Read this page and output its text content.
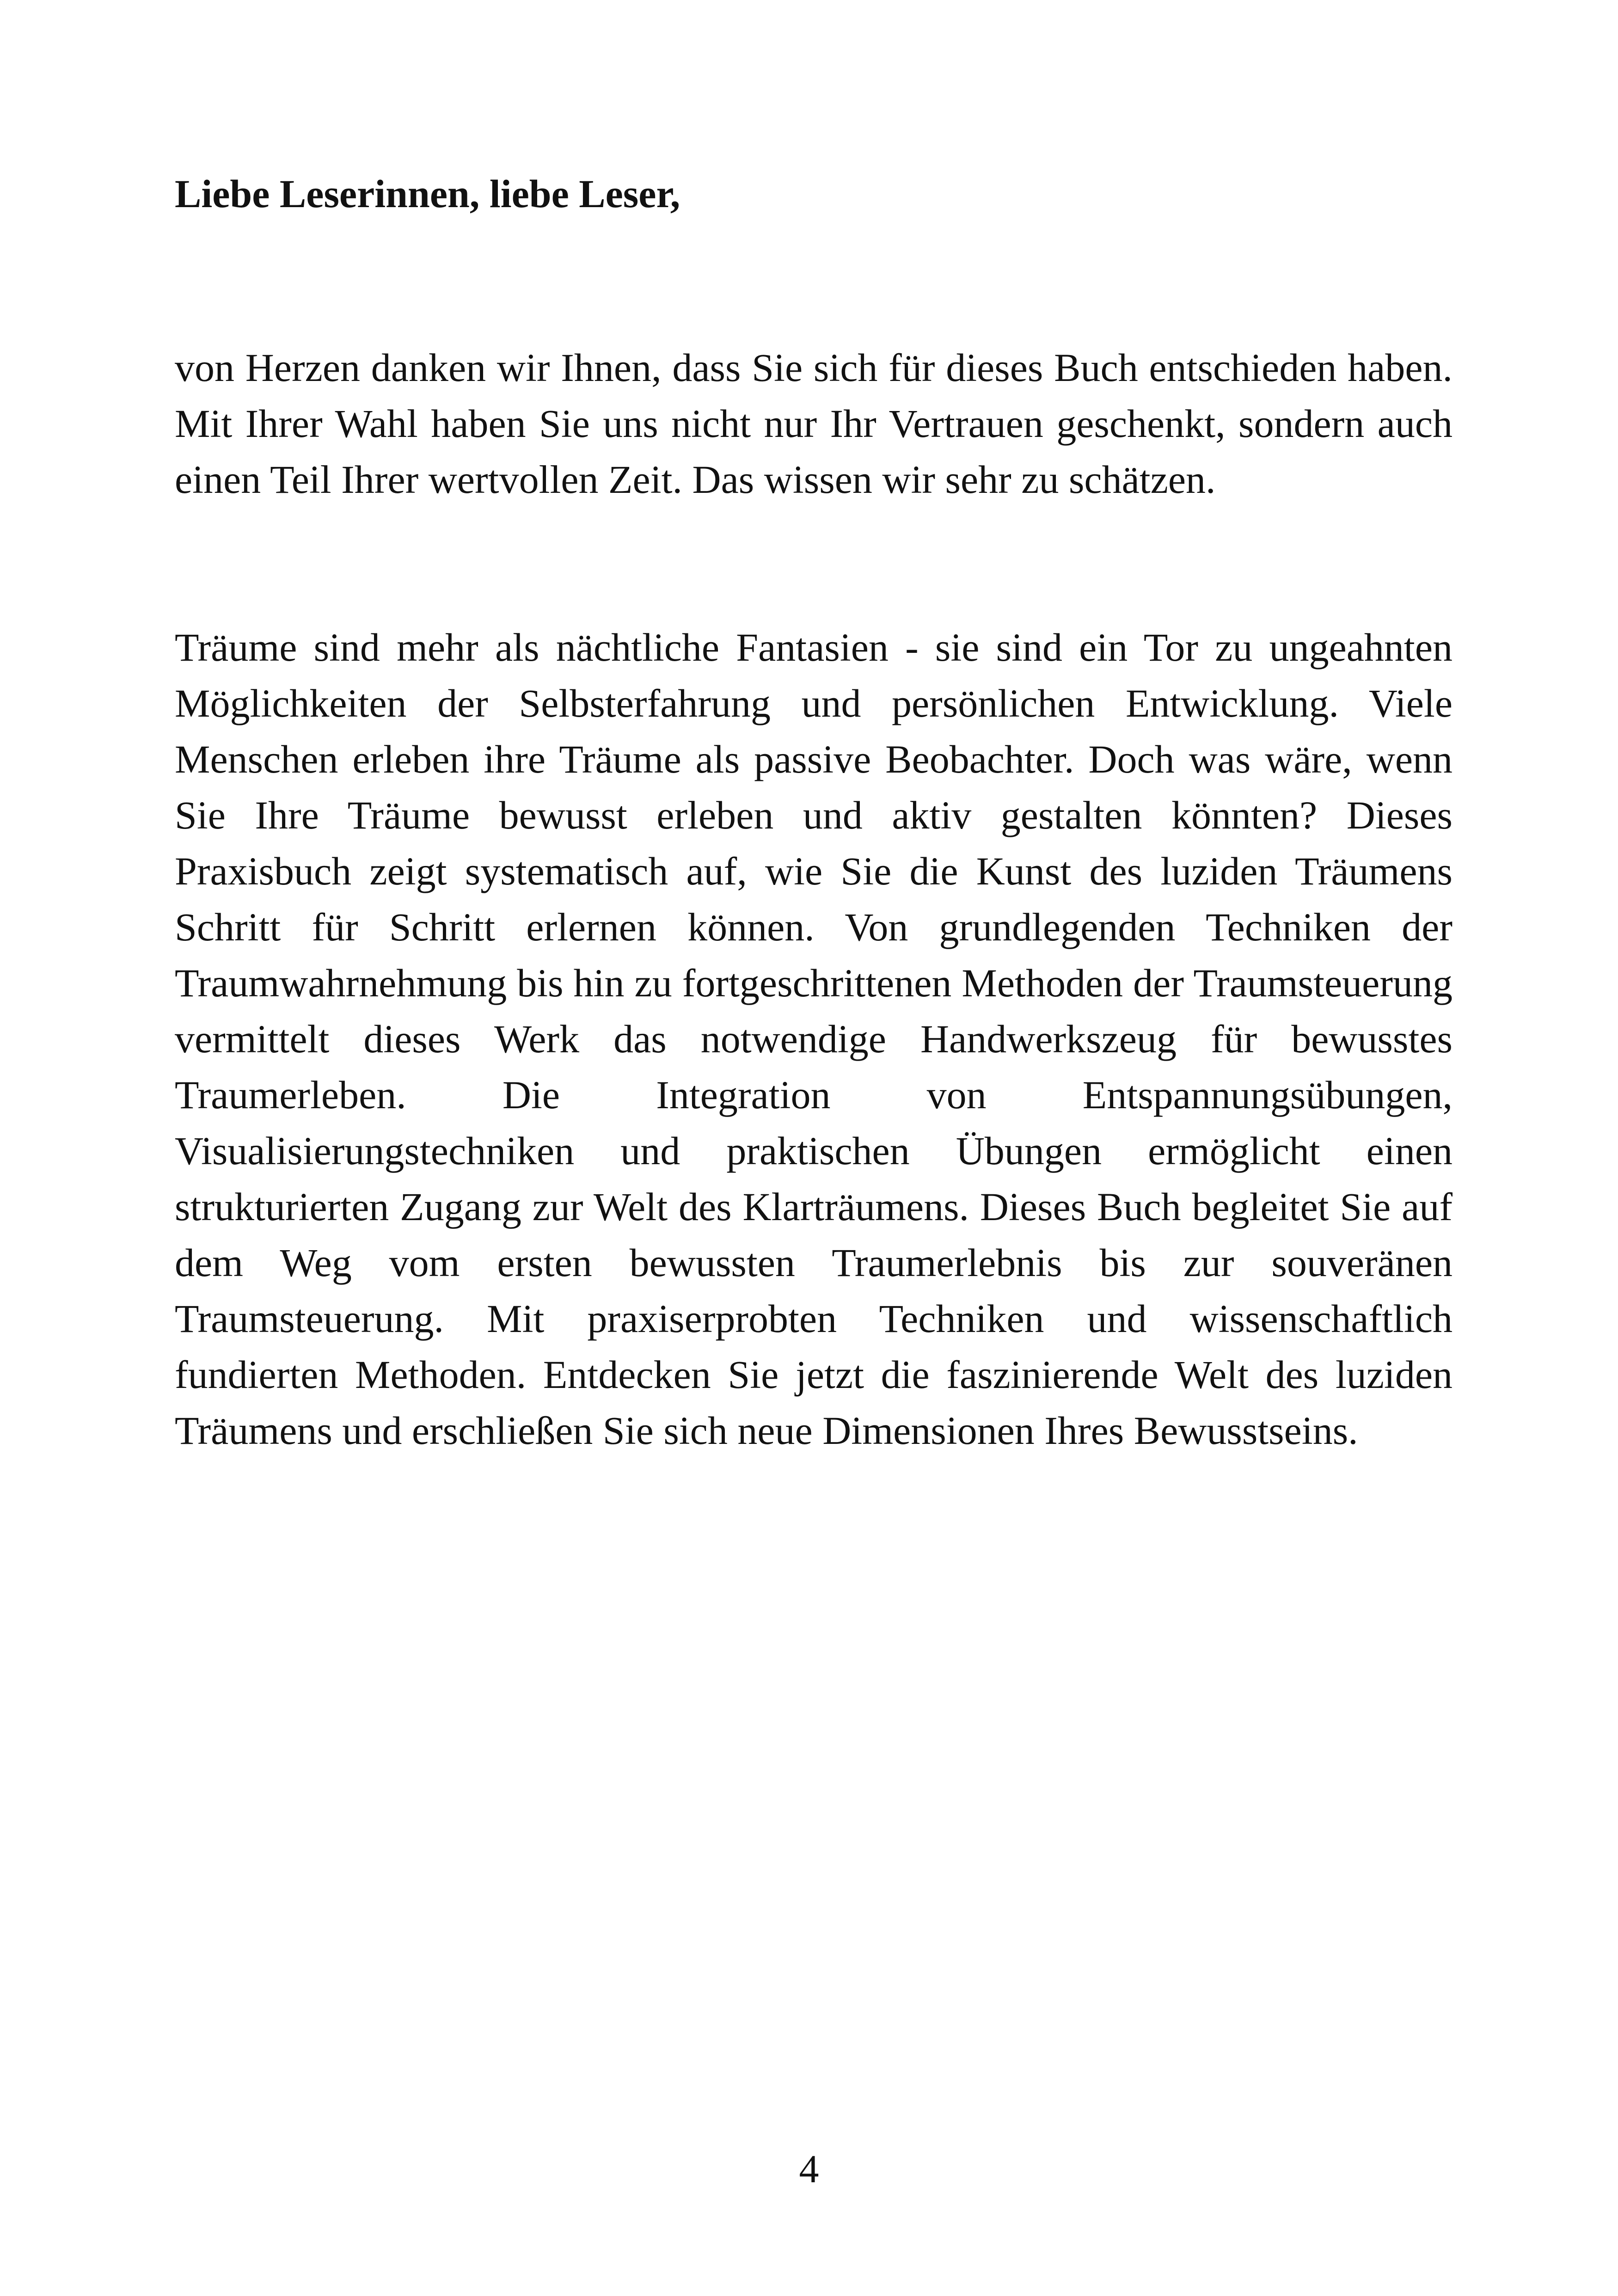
Liebe Leserinnen, liebe Leser,

von Herzen danken wir Ihnen, dass Sie sich für dieses Buch entschieden haben. Mit Ihrer Wahl haben Sie uns nicht nur Ihr Vertrauen geschenkt, sondern auch einen Teil Ihrer wertvollen Zeit. Das wissen wir sehr zu schätzen.

Träume sind mehr als nächtliche Fantasien - sie sind ein Tor zu ungeahnten Möglichkeiten der Selbsterfahrung und persönlichen Entwicklung. Viele Menschen erleben ihre Träume als passive Beobachter. Doch was wäre, wenn Sie Ihre Träume bewusst erleben und aktiv gestalten könnten? Dieses Praxisbuch zeigt systematisch auf, wie Sie die Kunst des luziden Träumens Schritt für Schritt erlernen können. Von grundlegenden Techniken der Traumwahrnehmung bis hin zu fortgeschrittenen Methoden der Traumsteuerung vermittelt dieses Werk das notwendige Handwerkszeug für bewusstes Traumerleben. Die Integration von Entspannungsübungen, Visualisierungstechniken und praktischen Übungen ermöglicht einen strukturierten Zugang zur Welt des Klarträumens. Dieses Buch begleitet Sie auf dem Weg vom ersten bewussten Traumerlebnis bis zur souveränen Traumsteuerung. Mit praxiserprobten Techniken und wissenschaftlich fundierten Methoden. Entdecken Sie jetzt die faszinierende Welt des luziden Träumens und erschließen Sie sich neue Dimensionen Ihres Bewusstseins.

4
